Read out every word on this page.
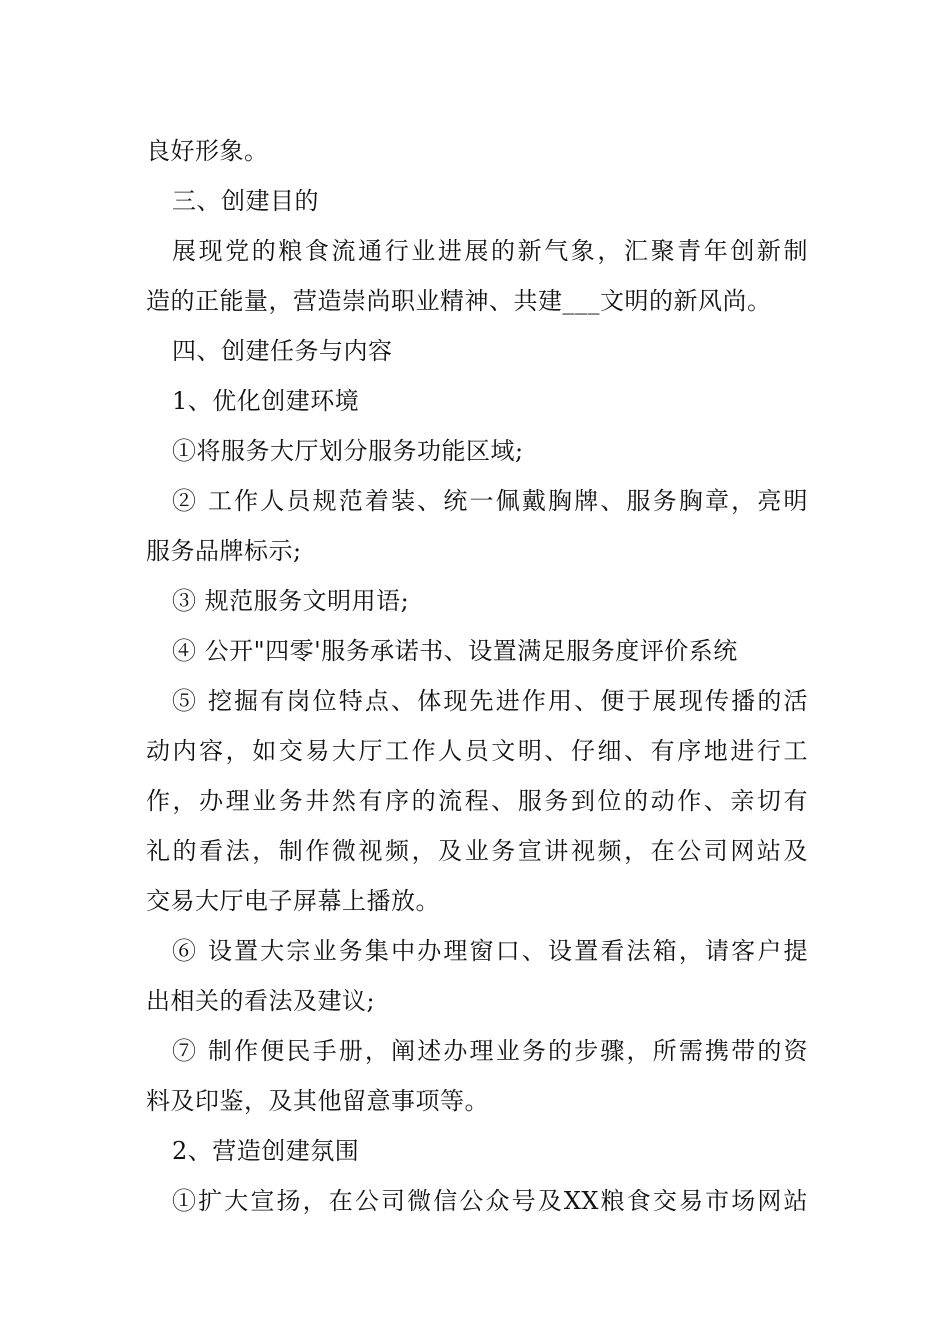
良好形象。
三、创建目的
展现党的粮食流通行业进展的新气象，汇聚青年创新制
造的正能量，营造崇尚职业精神、共建___文明的新风尚。
四、创建任务与内容
1、优化创建环境
①将服务大厅划分服务功能区域;
② 工作人员规范着装、统一佩戴胸牌、服务胸章，亮明
服务品牌标示;
③ 规范服务文明用语;
④ 公开"四零'服务承诺书、设置满足服务度评价系统
⑤ 挖掘有岗位特点、体现先进作用、便于展现传播的活
动内容，如交易大厅工作人员文明、仔细、有序地进行工
作，办理业务井然有序的流程、服务到位的动作、亲切有
礼的看法，制作微视频，及业务宣讲视频，在公司网站及
交易大厅电子屏幕上播放。
⑥ 设置大宗业务集中办理窗口、设置看法箱，请客户提
出相关的看法及建议;
⑦ 制作便民手册，阐述办理业务的步骤，所需携带的资
料及印鉴，及其他留意事项等。
2、营造创建氛围
①扩大宣扬，在公司微信公众号及XX粮食交易市场网站
